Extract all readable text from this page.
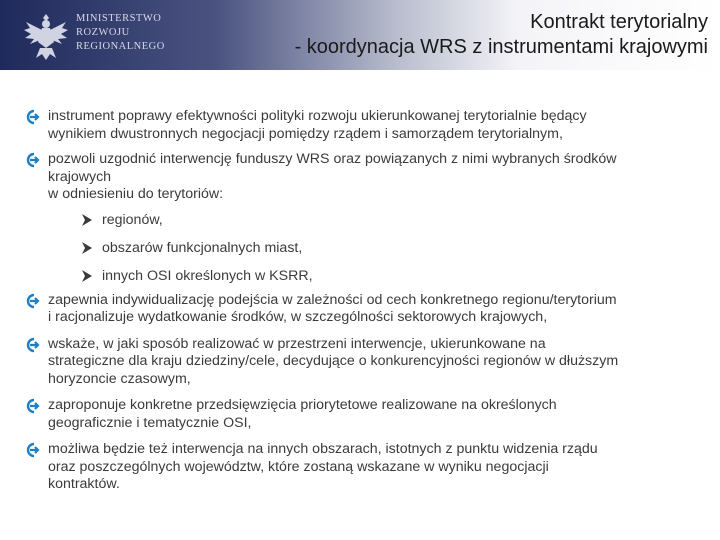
MINISTERSTWO
ROZWOJU
REGIONALNEGO
Kontrakt terytorialny
- koordynacja WRS z instrumentami krajowymi
instrument poprawy efektywności polityki rozwoju ukierunkowanej terytorialnie będący
wynikiem dwustronnych negocjacji pomiędzy rządem i samorządem terytorialnym,
pozwoli uzgodnić interwencję funduszy WRS oraz powiązanych z nimi wybranych środków
krajowych
w odniesieniu do terytoriów:
regionów,
obszarów funkcjonalnych miast,
innych OSI określonych w KSRR,
zapewnia indywidualizację podejścia w zależności od cech konkretnego regionu/terytorium
i racjonalizuje wydatkowanie środków, w szczególności sektorowych krajowych,
wskaże, w jaki sposób realizować w przestrzeni interwencje, ukierunkowane na
strategiczne dla kraju dziedziny/cele, decydujące o konkurencyjności regionów w dłuższym
horyzoncie czasowym,
zaproponuje konkretne przedsięwzięcia priorytetowe realizowane na określonych
geograficznie i tematycznie OSI,
możliwa będzie też interwencja na innych obszarach, istotnych z punktu widzenia rządu
oraz poszczególnych województw, które zostaną wskazane w wyniku negocjacji
kontraktów.
